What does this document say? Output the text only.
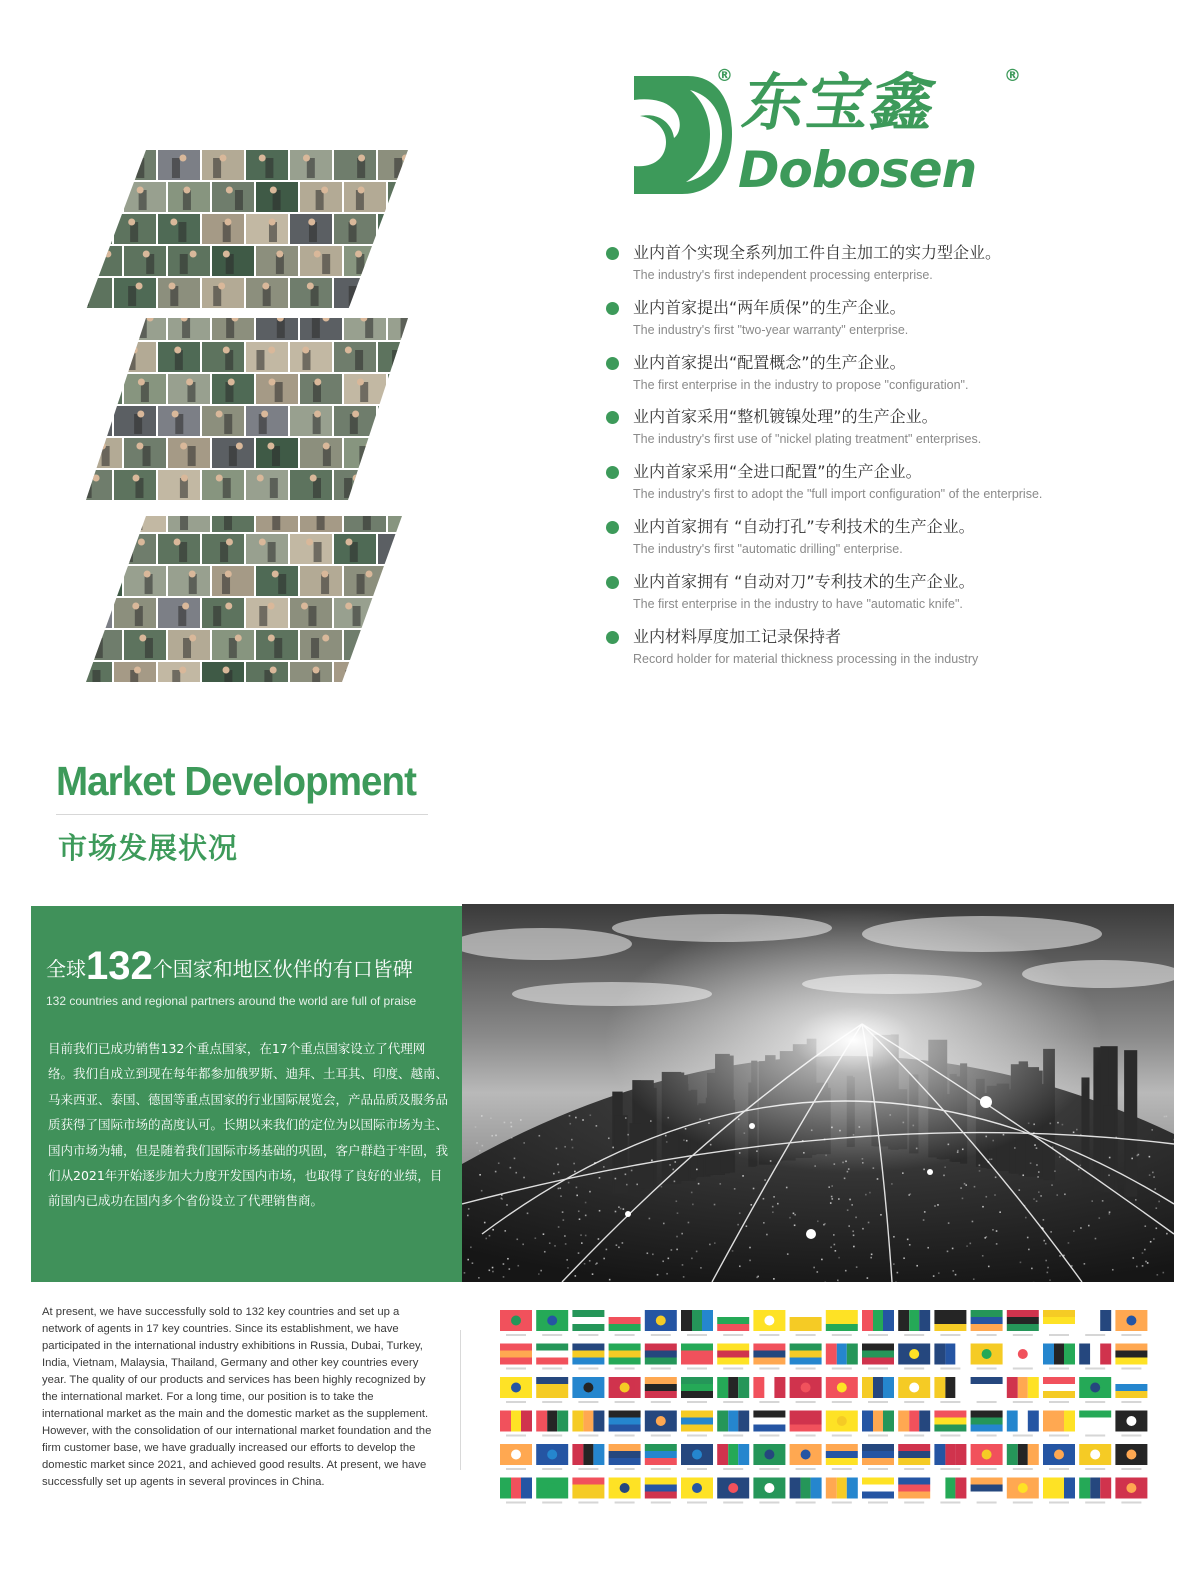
® 东宝鑫	®
Dobosen
业内首个实现全系列加工件自主加工的实力型企业。
The industry's first independent processing enterprise.
业内首家提出“两年质保”的生产企业。
The industry's first "two-year warranty" enterprise.
业内首家提出“配置概念”的生产企业。
The first enterprise in the industry to propose "configuration".
业内首家采用“整机镀镍处理”的生产企业。
The industry's first use of "nickel plating treatment" enterprises.
业内首家采用“全进口配置”的生产企业。
The industry's first to adopt the "full import configuration" of the enterprise.
业内首家拥有 “自动打孔”专利技术的生产企业。
The industry's first "automatic drilling" enterprise.
业内首家拥有 “自动对刀”专利技术的生产企业。
The first enterprise in the industry to have "automatic knife".
业内材料厚度加工记录保持者
Record holder for material thickness processing in the industry
Market Development
市场发展状况
全球132个国家和地区伙伴的有口皆碑
132 countries and regional partners around the world are full of praise

目前我们已成功销售132个重点国家，在17个重点国家设立了代理网络。我们自成立到现在每年都参加俄罗斯、迪拜、土耳其、印度、越南、马来西亚、泰国、德国等重点国家的行业国际展览会，产品品质及服务品质获得了国际市场的高度认可。长期以来我们的定位为以国际市场为主、国内市场为辅，但是随着我们国际市场基础的巩固，客户群趋于牢固，我们从2021年开始逐步加大力度开发国内市场，也取得了良好的业绩，目前国内已成功在国内多个省份设立了代理销售商。

At present, we have successfully sold to 132 key countries and set up a network of agents in 17 key countries. Since its establishment, we have participated in the international industry exhibitions in Russia, Dubai, Turkey, India, Vietnam, Malaysia, Thailand, Germany and other key countries every year. The quality of our products and services has been highly recognized by the international market. For a long time, our position is to take the international market as the main and the domestic market as the supplement. However, with the consolidation of our international market foundation and the firm customer base, we have gradually increased our efforts to develop the domestic market since 2021, and achieved good results. At present, we have successfully set up agents in several provinces in China.
